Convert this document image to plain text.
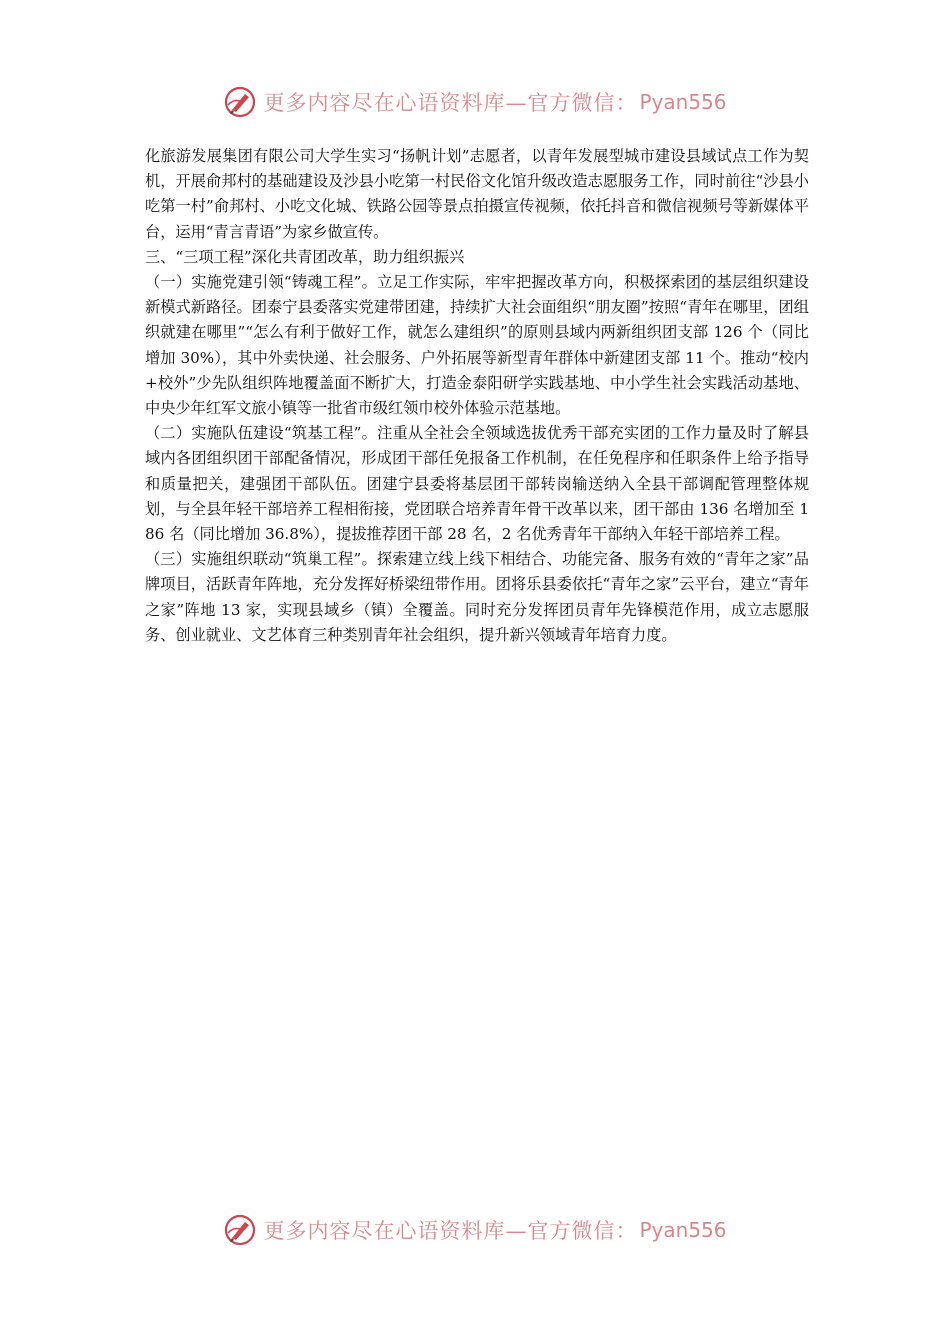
更多内容尽在心语资料库—官方微信： Pyan556

化旅游发展集团有限公司大学生实习“扬帆计划”志愿者，以青年发展型城市建设县域试点工作为契机，开展俞邦村的基础建设及沙县小吃第一村民俗文化馆升级改造志愿服务工作，同时前往“沙县小吃第一村”俞邦村、小吃文化城、铁路公园等景点拍摄宣传视频，依托抖音和微信视频号等新媒体平台，运用“青言青语”为家乡做宣传。

三、“三项工程”深化共青团改革，助力组织振兴

（一）实施党建引领“铸魂工程”。立足工作实际，牢牢把握改革方向，积极探索团的基层组织建设新模式新路径。团泰宁县委落实党建带团建，持续扩大社会面组织“朋友圈”按照“青年在哪里，团组织就建在哪里”“怎么有利于做好工作，就怎么建组织”的原则县域内两新组织团支部 126 个（同比增加 30%），其中外卖快递、社会服务、户外拓展等新型青年群体中新建团支部 11 个。推动“校内+校外”少先队组织阵地覆盖面不断扩大，打造金泰阳研学实践基地、中小学生社会实践活动基地、中央少年红军文旅小镇等一批省市级红领巾校外体验示范基地。

（二）实施队伍建设“筑基工程”。注重从全社会全领域选拔优秀干部充实团的工作力量及时了解县域内各团组织团干部配备情况，形成团干部任免报备工作机制，在任免程序和任职条件上给予指导和质量把关，建强团干部队伍。团建宁县委将基层团干部转岗输送纳入全县干部调配管理整体规划，与全县年轻干部培养工程相衔接，党团联合培养青年骨干改革以来，团干部由 136 名增加至 186 名（同比增加 36.8%），提拔推荐团干部 28 名，2 名优秀青年干部纳入年轻干部培养工程。

（三）实施组织联动“筑巢工程”。探索建立线上线下相结合、功能完备、服务有效的“青年之家”品牌项目，活跃青年阵地，充分发挥好桥梁纽带作用。团将乐县委依托“青年之家”云平台，建立“青年之家”阵地 13 家，实现县域乡（镇）全覆盖。同时充分发挥团员青年先锋模范作用，成立志愿服务、创业就业、文艺体育三种类别青年社会组织，提升新兴领域青年培育力度。

更多内容尽在心语资料库—官方微信： Pyan556
